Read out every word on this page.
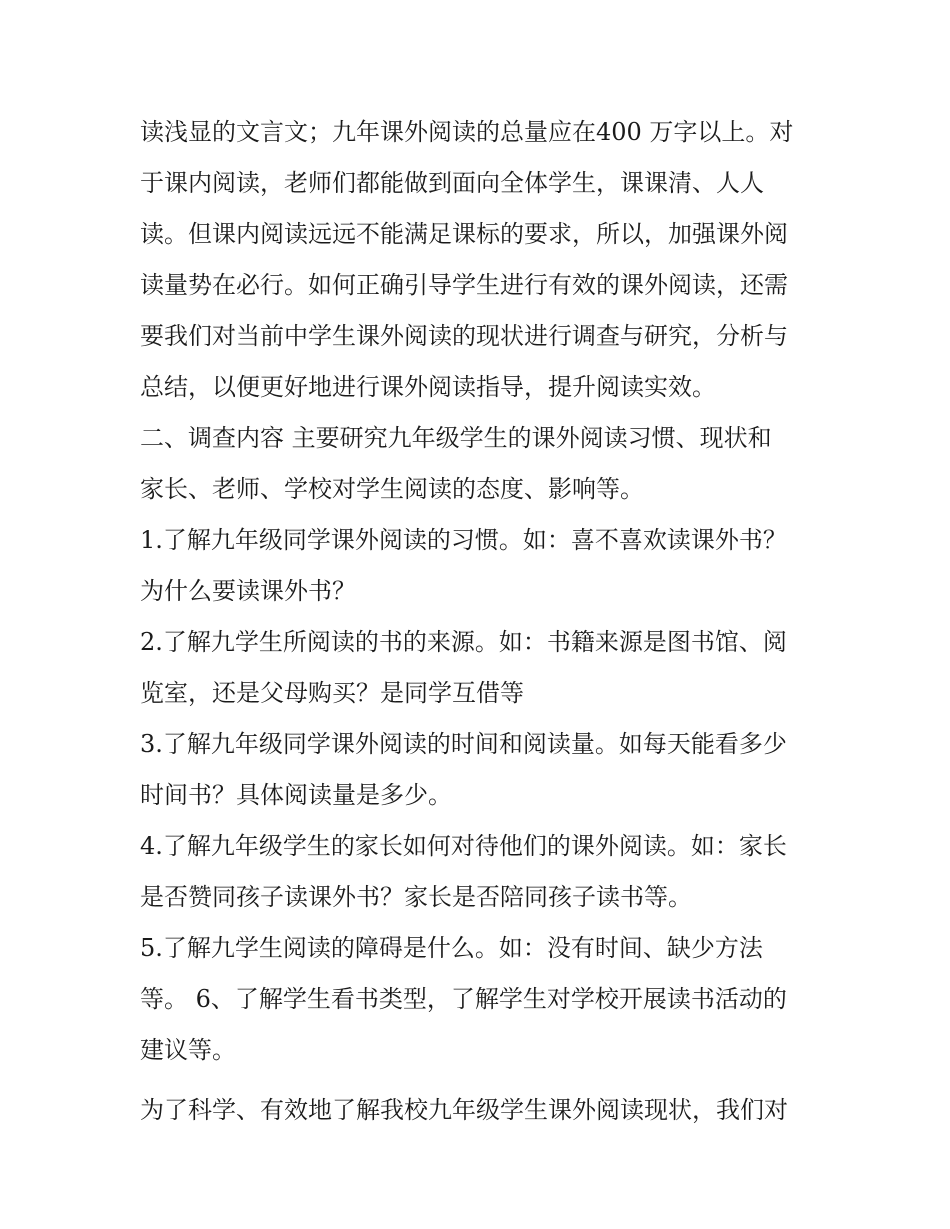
读浅显的文言文；九年课外阅读的总量应在400 万字以上。对
于课内阅读，老师们都能做到面向全体学生，课课清、人人
读。但课内阅读远远不能满足课标的要求，所以，加强课外阅
读量势在必行。如何正确引导学生进行有效的课外阅读，还需
要我们对当前中学生课外阅读的现状进行调查与研究，分析与
总结，以便更好地进行课外阅读指导，提升阅读实效。
二、调查内容 主要研究九年级学生的课外阅读习惯、现状和
家长、老师、学校对学生阅读的态度、影响等。
1.了解九年级同学课外阅读的习惯。如：喜不喜欢读课外书？
为什么要读课外书？
2.了解九学生所阅读的书的来源。如：书籍来源是图书馆、阅
览室，还是父母购买？是同学互借等
3.了解九年级同学课外阅读的时间和阅读量。如每天能看多少
时间书？具体阅读量是多少。
4.了解九年级学生的家长如何对待他们的课外阅读。如：家长
是否赞同孩子读课外书？家长是否陪同孩子读书等。
5.了解九学生阅读的障碍是什么。如：没有时间、缺少方法
等。 6、了解学生看书类型，了解学生对学校开展读书活动的
建议等。
为了科学、有效地了解我校九年级学生课外阅读现状，我们对
